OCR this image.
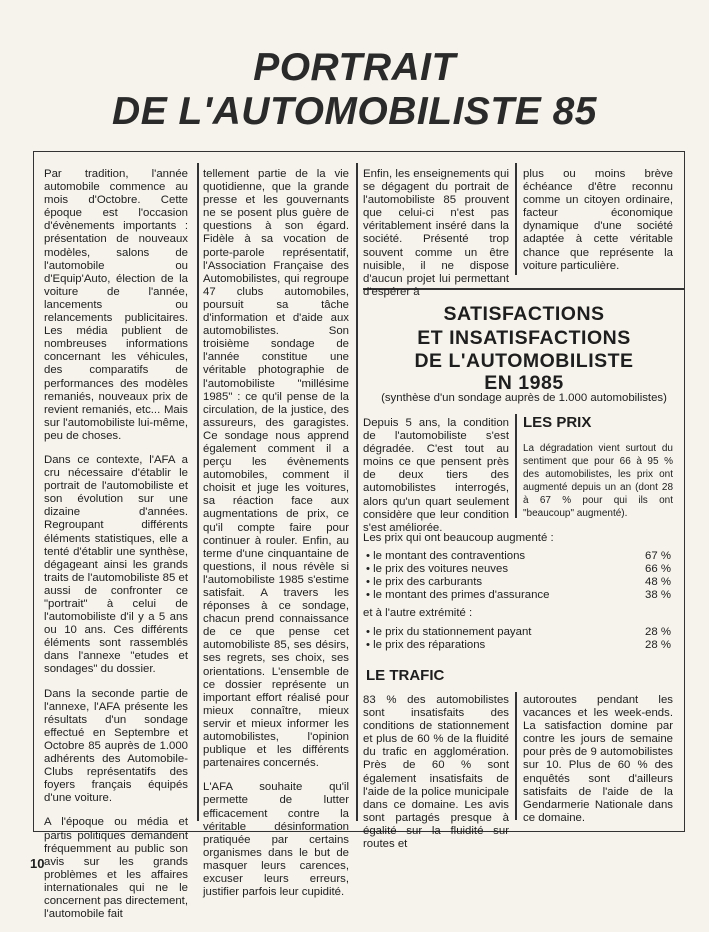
PORTRAIT
DE L'AUTOMOBILISTE 85

Par tradition, l'année automobile commence au mois d'Octobre. Cette époque est l'occasion d'évènements importants : présentation de nouveaux modèles, salons de l'automobile ou d'Equip'Auto, élection de la voiture de l'année, lancements ou relancements publicitaires. Les média publient de nombreuses informations concernant les véhicules, des comparatifs de performances des modèles remaniés, nouveaux prix de revient remaniés, etc... Mais sur l'automobiliste lui-même, peu de choses.

Dans ce contexte, l'AFA a cru nécessaire d'établir le portrait de l'automobiliste et son évolution sur une dizaine d'années. Regroupant différents éléments statistiques, elle a tenté d'établir une synthèse, dégageant ainsi les grands traits de l'automobiliste 85 et aussi de confronter ce "portrait" à celui de l'automobiliste d'il y a 5 ans ou 10 ans. Ces différents éléments sont rassemblés dans l'annexe "etudes et sondages" du dossier.

Dans la seconde partie de l'annexe, l'AFA présente les résultats d'un sondage effectué en Septembre et Octobre 85 auprès de 1.000 adhérents des Automobile-Clubs représentatifs des foyers français équipés d'une voiture.

A l'époque ou média et partis politiques demandent fréquemment au public son avis sur les grands problèmes et les affaires internationales qui ne le concernent pas directement, l'automobile fait

tellement partie de la vie quotidienne, que la grande presse et les gouvernants ne se posent plus guère de questions à son égard. Fidèle à sa vocation de porte-parole représentatif, l'Association Française des Automobilistes, qui regroupe 47 clubs automobiles, poursuit sa tâche d'information et d'aide aux automobilistes. Son troisième sondage de l'année constitue une véritable photographie de l'automobiliste "millésime 1985" : ce qu'il pense de la circulation, de la justice, des assureurs, des garagistes. Ce sondage nous apprend également comment il a perçu les évènements automobiles, comment il choisit et juge les voitures, sa réaction face aux augmentations de prix, ce qu'il compte faire pour continuer à rouler. Enfin, au terme d'une cinquantaine de questions, il nous révèle si l'automobiliste 1985 s'estime satisfait. A travers les réponses à ce sondage, chacun prend connaissance de ce que pense cet automobiliste 85, ses désirs, ses regrets, ses choix, ses orientations. L'ensemble de ce dossier représente un important effort réalisé pour mieux connaître, mieux servir et mieux informer les automobilistes, l'opinion publique et les différents partenaires concernés.

L'AFA souhaite qu'il permette de lutter efficacement contre la véritable désinformation pratiquée par certains organismes dans le but de masquer leurs carences, excuser leurs erreurs, justifier parfois leur cupidité.

Enfin, les enseignements qui se dégagent du portrait de l'automobiliste 85 prouvent que celui-ci n'est pas véritablement inséré dans la société. Présenté trop souvent comme un être nuisible, il ne dispose d'aucun projet lui permettant d'espérer à
plus ou moins brève échéance d'être reconnu comme un citoyen ordinaire, facteur économique dynamique d'une société adaptée à cette véritable chance que représente la voiture particulière.
SATISFACTIONS
ET INSATISFACTIONS
DE L'AUTOMOBILISTE
EN 1985
(synthèse d'un sondage auprès de 1.000 automobilistes)
Depuis 5 ans, la condition de l'automobiliste s'est dégradée. C'est tout au moins ce que pensent près de deux tiers des automobilistes interrogés, alors qu'un quart seulement considère que leur condition s'est améliorée.
LES PRIX
La dégradation vient surtout du sentiment que pour 66 à 95 % des automobilistes, les prix ont augmenté depuis un an (dont 28 à 67 % pour qui ils ont "beaucoup" augmenté).
Les prix qui ont beaucoup augmenté :
• le montant des contraventions	67 %
• le prix des voitures neuves	66 %
• le prix des carburants	48 %
• le montant des primes d'assurance	38 %
et à l'autre extrémité :
• le prix du stationnement payant	28 %
• le prix des réparations	28 %
LE TRAFIC
83 % des automobilistes sont insatisfaits des conditions de stationnement et plus de 60 % de la fluidité du trafic en agglomération. Près de 60 % sont également insatisfaits de l'aide de la police municipale dans ce domaine. Les avis sont partagés presque à égalité sur la fluidité sur routes et
autoroutes pendant les vacances et les week-ends. La satisfaction domine par contre les jours de semaine pour près de 9 automobilistes sur 10. Plus de 60 % des enquêtés sont d'ailleurs satisfaits de l'aide de la Gendarmerie Nationale dans ce domaine.
10
